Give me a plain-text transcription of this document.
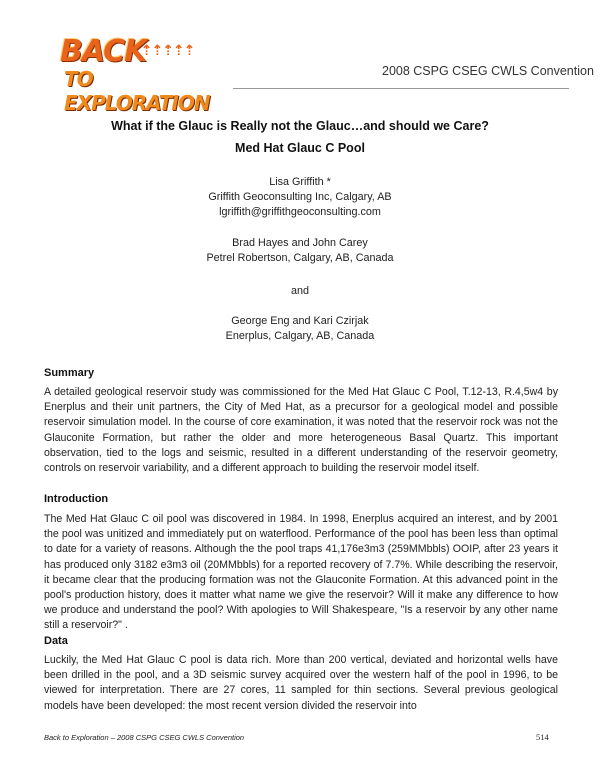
BACK
⇡⇡⇡⇡⇡⇡
TO EXPLORATION
2008 CSPG CSEG CWLS Convention
What if the Glauc is Really not the Glauc…and should we Care?
Med Hat Glauc C Pool
Lisa Griffith *
Griffith Geoconsulting Inc, Calgary, AB
lgriffith@griffithgeoconsulting.com
Brad Hayes and John Carey
Petrel Robertson, Calgary, AB, Canada
and
George Eng and Kari Czirjak
Enerplus, Calgary, AB, Canada
Summary

A detailed geological reservoir study was commissioned for the Med Hat Glauc C Pool, T.12-13, R.4,5w4 by Enerplus and their unit partners, the City of Med Hat, as a precursor for a geological model and possible reservoir simulation model. In the course of core examination, it was noted that the reservoir rock was not the Glauconite Formation, but rather the older and more heterogeneous Basal Quartz. This important observation, tied to the logs and seismic, resulted in a different understanding of the reservoir geometry, controls on reservoir variability, and a different approach to building the reservoir model itself.

Introduction

The Med Hat Glauc C oil pool was discovered in 1984. In 1998, Enerplus acquired an interest, and by 2001 the pool was unitized and immediately put on waterflood. Performance of the pool has been less than optimal to date for a variety of reasons. Although the the pool traps 41,176e3m3 (259MMbbls) OOIP, after 23 years it has produced only 3182 e3m3 oil (20MMbbls) for a reported recovery of 7.7%. While describing the reservoir, it became clear that the producing formation was not the Glauconite Formation. At this advanced point in the pool's production history, does it matter what name we give the reservoir? Will it make any difference to how we produce and understand the pool? With apologies to Will Shakespeare, "Is a reservoir by any other name still a reservoir?" .

Data

Luckily, the Med Hat Glauc C pool is data rich. More than 200 vertical, deviated and horizontal wells have been drilled in the pool, and a 3D seismic survey acquired over the western half of the pool in 1996, to be viewed for interpretation. There are 27 cores, 11 sampled for thin sections. Several previous geological models have been developed: the most recent version divided the reservoir into

Back to Exploration – 2008 CSPG CSEG CWLS Convention	514
